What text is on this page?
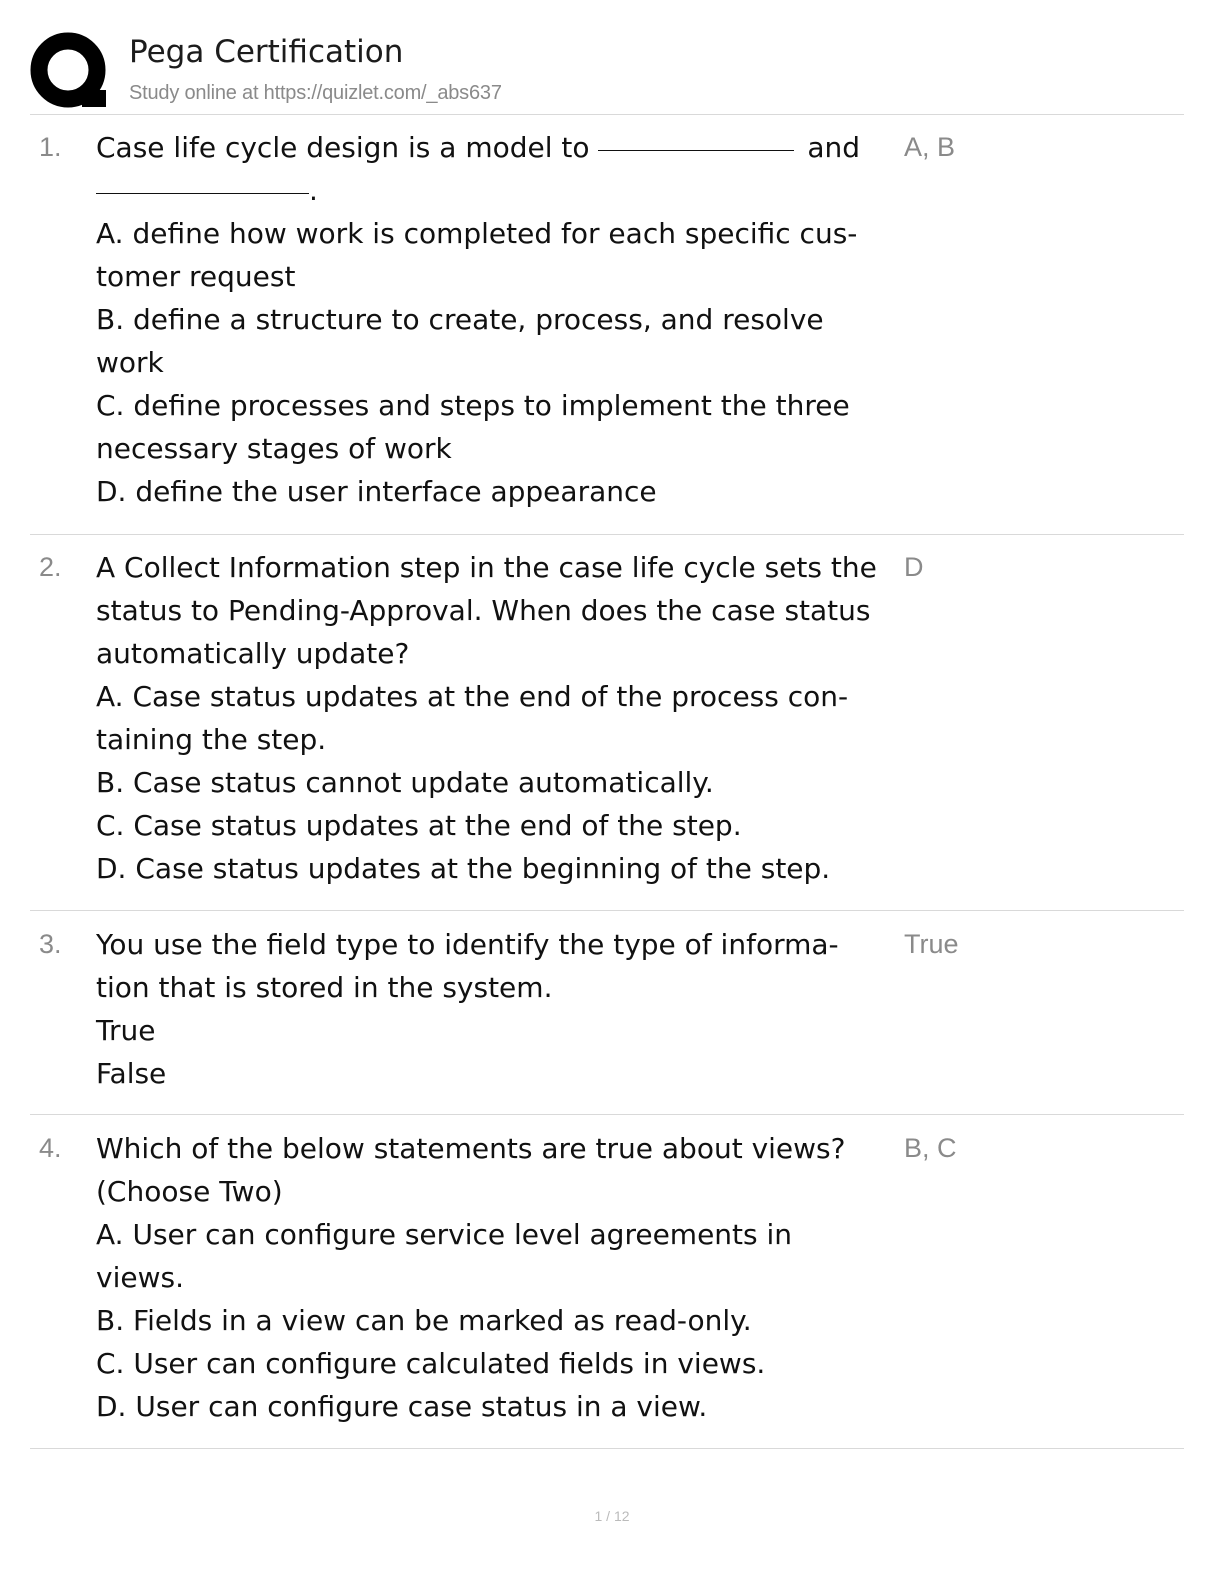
Pega Certification
Study online at https://quizlet.com/_abs637
1. Case life cycle design is a model to	and
.
A. define how work is completed for each specific cus-
tomer request
B. define a structure to create, process, and resolve
work
C. define processes and steps to implement the three
necessary stages of work
D. define the user interface appearance
A, B
2. A Collect Information step in the case life cycle sets the
status to Pending-Approval. When does the case status
automatically update?
A. Case status updates at the end of the process con-
taining the step.
B. Case status cannot update automatically.
C. Case status updates at the end of the step.
D. Case status updates at the beginning of the step.
D
3. You use the field type to identify the type of informa-
tion that is stored in the system.
True
False
True
4. Which of the below statements are true about views?
(Choose Two)
A. User can configure service level agreements in
views.
B. Fields in a view can be marked as read-only.
C. User can configure calculated fields in views.
D. User can configure case status in a view.
B, C
1 / 12
